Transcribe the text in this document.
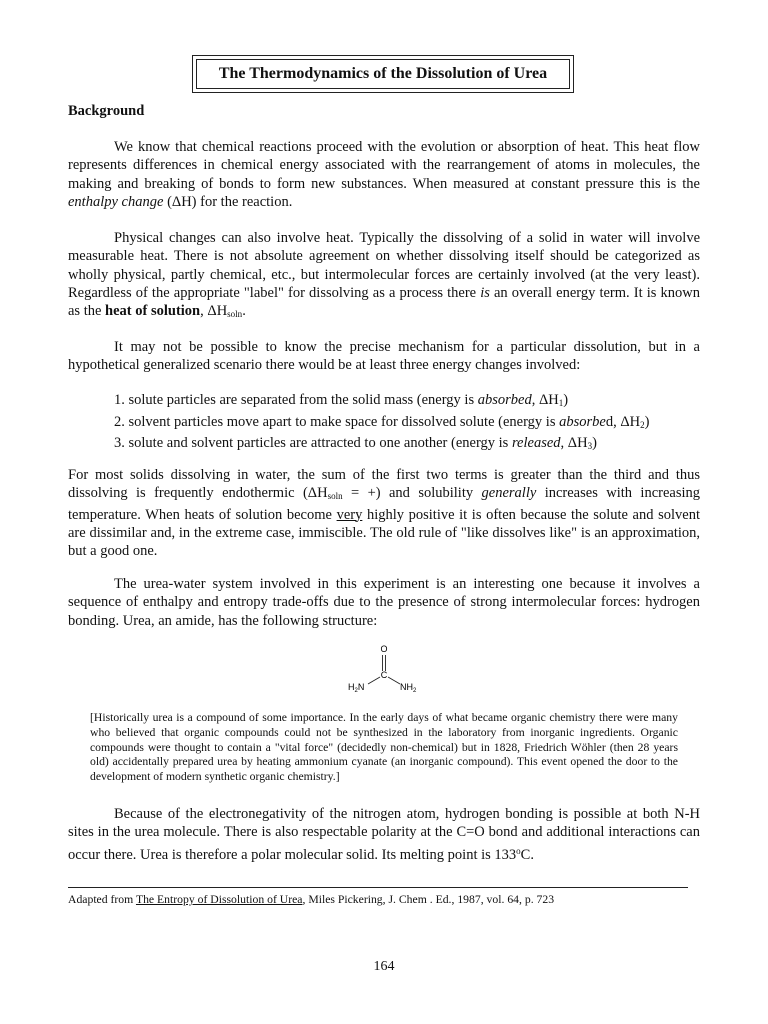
The Thermodynamics of the Dissolution of Urea
Background

We know that chemical reactions proceed with the evolution or absorption of heat. This heat flow represents differences in chemical energy associated with the rearrangement of atoms in molecules, the making and breaking of bonds to form new substances. When measured at constant pressure this is the enthalpy change (ΔH) for the reaction.

Physical changes can also involve heat. Typically the dissolving of a solid in water will involve measurable heat. There is not absolute agreement on whether dissolving itself should be categorized as wholly physical, partly chemical, etc., but intermolecular forces are certainly involved (at the very least). Regardless of the appropriate "label" for dissolving as a process there is an overall energy term. It is known as the heat of solution, $\Delta H_{soln}$.

It may not be possible to know the precise mechanism for a particular dissolution, but in a hypothetical generalized scenario there would be at least three energy changes involved:

1. solute particles are separated from the solid mass (energy is absorbed, $\Delta H_1$)
2. solvent particles move apart to make space for dissolved solute (energy is absorbed, $\Delta H_2$)
3. solute and solvent particles are attracted to one another (energy is released, $\Delta H_3$)

For most solids dissolving in water, the sum of the first two terms is greater than the third and thus dissolving is frequently endothermic ($\Delta H_{soln}$ = +) and solubility generally increases with increasing temperature. When heats of solution become very highly positive it is often because the solute and solvent are dissimilar and, in the extreme case, immiscible. The old rule of "like dissolves like" is an approximation, but a good one.

The urea-water system involved in this experiment is an interesting one because it involves a sequence of enthalpy and entropy trade-offs due to the presence of strong intermolecular forces: hydrogen bonding. Urea, an amide, has the following structure:

O
C
$H_2N$	$NH_2$

[Historically urea is a compound of some importance. In the early days of what became organic chemistry there were many who believed that organic compounds could not be synthesized in the laboratory from inorganic ingredients. Organic compounds were thought to contain a "vital force" (decidedly non-chemical) but in 1828, Friedrich Wöhler (then 28 years old) accidentally prepared urea by heating ammonium cyanate (an inorganic compound). This event opened the door to the development of modern synthetic organic chemistry.]

Because of the electronegativity of the nitrogen atom, hydrogen bonding is possible at both N-H sites in the urea molecule. There is also respectable polarity at the C=O bond and additional interactions can occur there. Urea is therefore a polar molecular solid. Its melting point is 133$^o$C.

Adapted from The Entropy of Dissolution of Urea, Miles Pickering, J. Chem . Ed., 1987, vol. 64, p. 723
164
